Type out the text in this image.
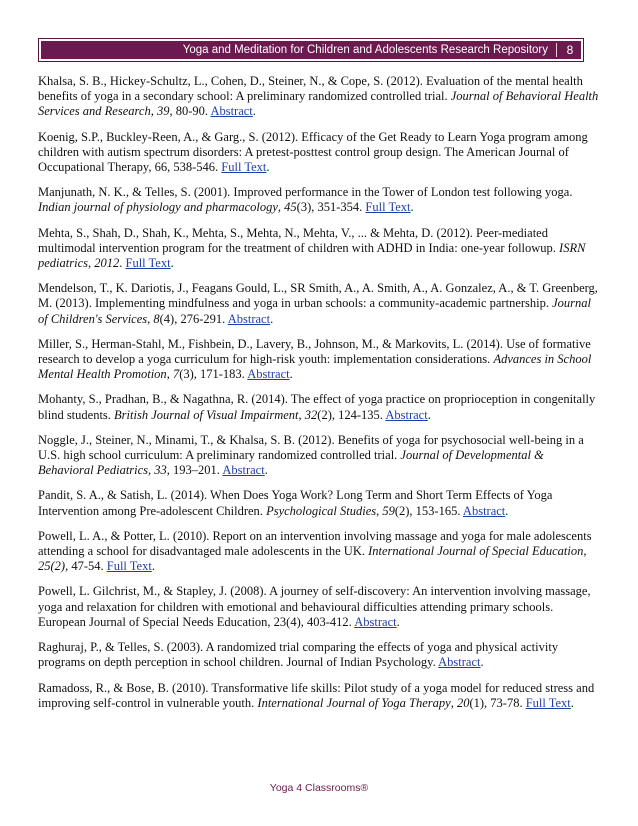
Yoga and Meditation for Children and Adolescents Research Repository	8

Khalsa, S. B., Hickey-Schultz, L., Cohen, D., Steiner, N., & Cope, S. (2012). Evaluation of the mental health benefits of yoga in a secondary school: A preliminary randomized controlled trial. Journal of Behavioral Health Services and Research, 39, 80-90. Abstract.

Koenig, S.P., Buckley-Reen, A., & Garg., S. (2012). Efficacy of the Get Ready to Learn Yoga program among children with autism spectrum disorders: A pretest-posttest control group design. The American Journal of Occupational Therapy, 66, 538-546. Full Text.

Manjunath, N. K., & Telles, S. (2001). Improved performance in the Tower of London test following yoga. Indian journal of physiology and pharmacology, 45(3), 351-354. Full Text.

Mehta, S., Shah, D., Shah, K., Mehta, S., Mehta, N., Mehta, V., ... & Mehta, D. (2012). Peer-mediated multimodal intervention program for the treatment of children with ADHD in India: one-year followup. ISRN pediatrics, 2012. Full Text.

Mendelson, T., K. Dariotis, J., Feagans Gould, L., SR Smith, A., A. Smith, A., A. Gonzalez, A., & T. Greenberg, M. (2013). Implementing mindfulness and yoga in urban schools: a community-academic partnership. Journal of Children's Services, 8(4), 276-291. Abstract.

Miller, S., Herman-Stahl, M., Fishbein, D., Lavery, B., Johnson, M., & Markovits, L. (2014). Use of formative research to develop a yoga curriculum for high-risk youth: implementation considerations. Advances in School Mental Health Promotion, 7(3), 171-183. Abstract.

Mohanty, S., Pradhan, B., & Nagathna, R. (2014). The effect of yoga practice on proprioception in congenitally blind students. British Journal of Visual Impairment, 32(2), 124-135. Abstract.

Noggle, J., Steiner, N., Minami, T., & Khalsa, S. B. (2012). Benefits of yoga for psychosocial well-being in a U.S. high school curriculum: A preliminary randomized controlled trial. Journal of Developmental & Behavioral Pediatrics, 33, 193–201. Abstract.

Pandit, S. A., & Satish, L. (2014). When Does Yoga Work? Long Term and Short Term Effects of Yoga Intervention among Pre-adolescent Children. Psychological Studies, 59(2), 153-165. Abstract.

Powell, L. A., & Potter, L. (2010). Report on an intervention involving massage and yoga for male adolescents attending a school for disadvantaged male adolescents in the UK. International Journal of Special Education, 25(2), 47-54. Full Text.

Powell, L. Gilchrist, M., & Stapley, J. (2008). A journey of self-discovery: An intervention involving massage, yoga and relaxation for children with emotional and behavioural difficulties attending primary schools. European Journal of Special Needs Education, 23(4), 403-412. Abstract.

Raghuraj, P., & Telles, S. (2003). A randomized trial comparing the effects of yoga and physical activity programs on depth perception in school children. Journal of Indian Psychology. Abstract.

Ramadoss, R., & Bose, B. (2010). Transformative life skills: Pilot study of a yoga model for reduced stress and improving self-control in vulnerable youth. International Journal of Yoga Therapy, 20(1), 73-78. Full Text.

Yoga 4 Classrooms®
